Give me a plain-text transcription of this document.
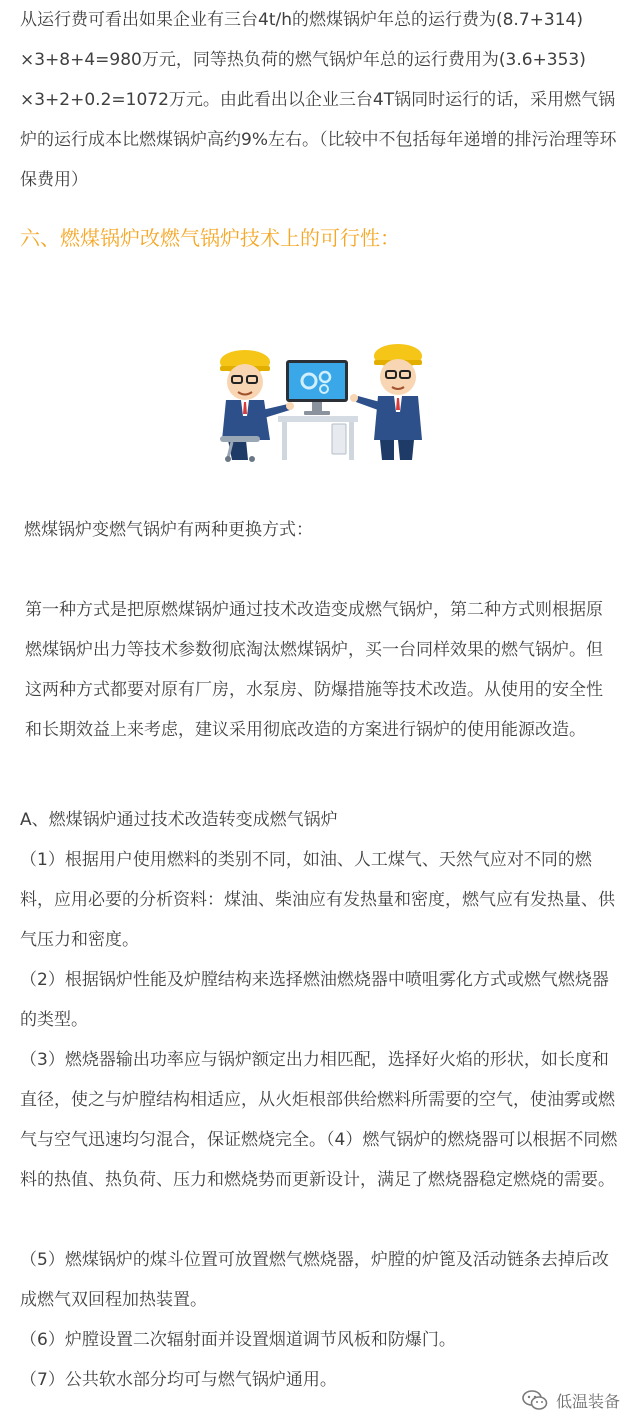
从运行费可看出如果企业有三台4t/h的燃煤锅炉年总的运行费为(8.7+314) ×3+8+4=980万元，同等热负荷的燃气锅炉年总的运行费用为(3.6+353) ×3+2+0.2=1072万元。由此看出以企业三台4T锅同时运行的话，采用燃气锅炉的运行成本比燃煤锅炉高约9%左右。（比较中不包括每年递增的排污治理等环保费用）

六、燃煤锅炉改燃气锅炉技术上的可行性：

燃煤锅炉变燃气锅炉有两种更换方式：

第一种方式是把原燃煤锅炉通过技术改造变成燃气锅炉，第二种方式则根据原燃煤锅炉出力等技术参数彻底淘汰燃煤锅炉，买一台同样效果的燃气锅炉。但这两种方式都要对原有厂房，水泵房、防爆措施等技术改造。从使用的安全性和长期效益上来考虑，建议采用彻底改造的方案进行锅炉的使用能源改造。

A、燃煤锅炉通过技术改造转变成燃气锅炉

（1）根据用户使用燃料的类别不同，如油、人工煤气、天然气应对不同的燃料，应用必要的分析资料：煤油、柴油应有发热量和密度，燃气应有发热量、供气压力和密度。

（2）根据锅炉性能及炉膛结构来选择燃油燃烧器中喷咀雾化方式或燃气燃烧器的类型。

（3）燃烧器输出功率应与锅炉额定出力相匹配，选择好火焰的形状，如长度和直径，使之与炉膛结构相适应，从火炬根部供给燃料所需要的空气，使油雾或燃气与空气迅速均匀混合，保证燃烧完全。（4）燃气锅炉的燃烧器可以根据不同燃料的热值、热负荷、压力和燃烧势而更新设计，满足了燃烧器稳定燃烧的需要。

（5）燃煤锅炉的煤斗位置可放置燃气燃烧器，炉膛的炉篦及活动链条去掉后改成燃气双回程加热装置。

（6）炉膛设置二次辐射面并设置烟道调节风板和防爆门。

（7）公共软水部分均可与燃气锅炉通用。

低温装备
